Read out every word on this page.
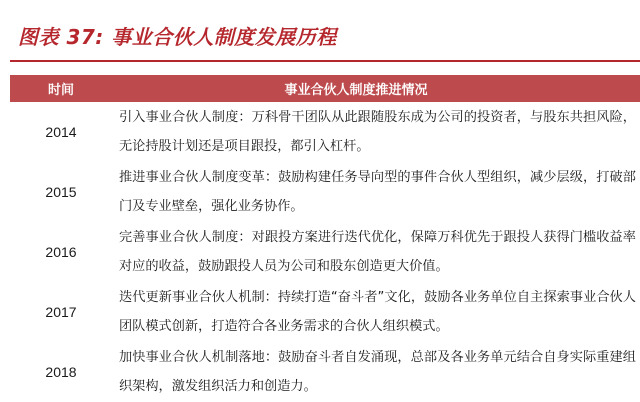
图表 37: 事业合伙人制度发展历程
时间	事业合伙人制度推进情况
2014
引入事业合伙人制度：万科骨干团队从此跟随股东成为公司的投资者，与股东共担风险，无论持股计划还是项目跟投，都引入杠杆。
2015
推进事业合伙人制度变革：鼓励构建任务导向型的事件合伙人型组织，减少层级，打破部门及专业壁垒，强化业务协作。
2016
完善事业合伙人制度：对跟投方案进行迭代优化，保障万科优先于跟投人获得门槛收益率对应的收益，鼓励跟投人员为公司和股东创造更大价值。
2017
迭代更新事业合伙人机制：持续打造“奋斗者”文化，鼓励各业务单位自主探索事业合伙人团队模式创新，打造符合各业务需求的合伙人组织模式。
2018
加快事业合伙人机制落地：鼓励奋斗者自发涌现，总部及各业务单元结合自身实际重建组织架构，激发组织活力和创造力。
